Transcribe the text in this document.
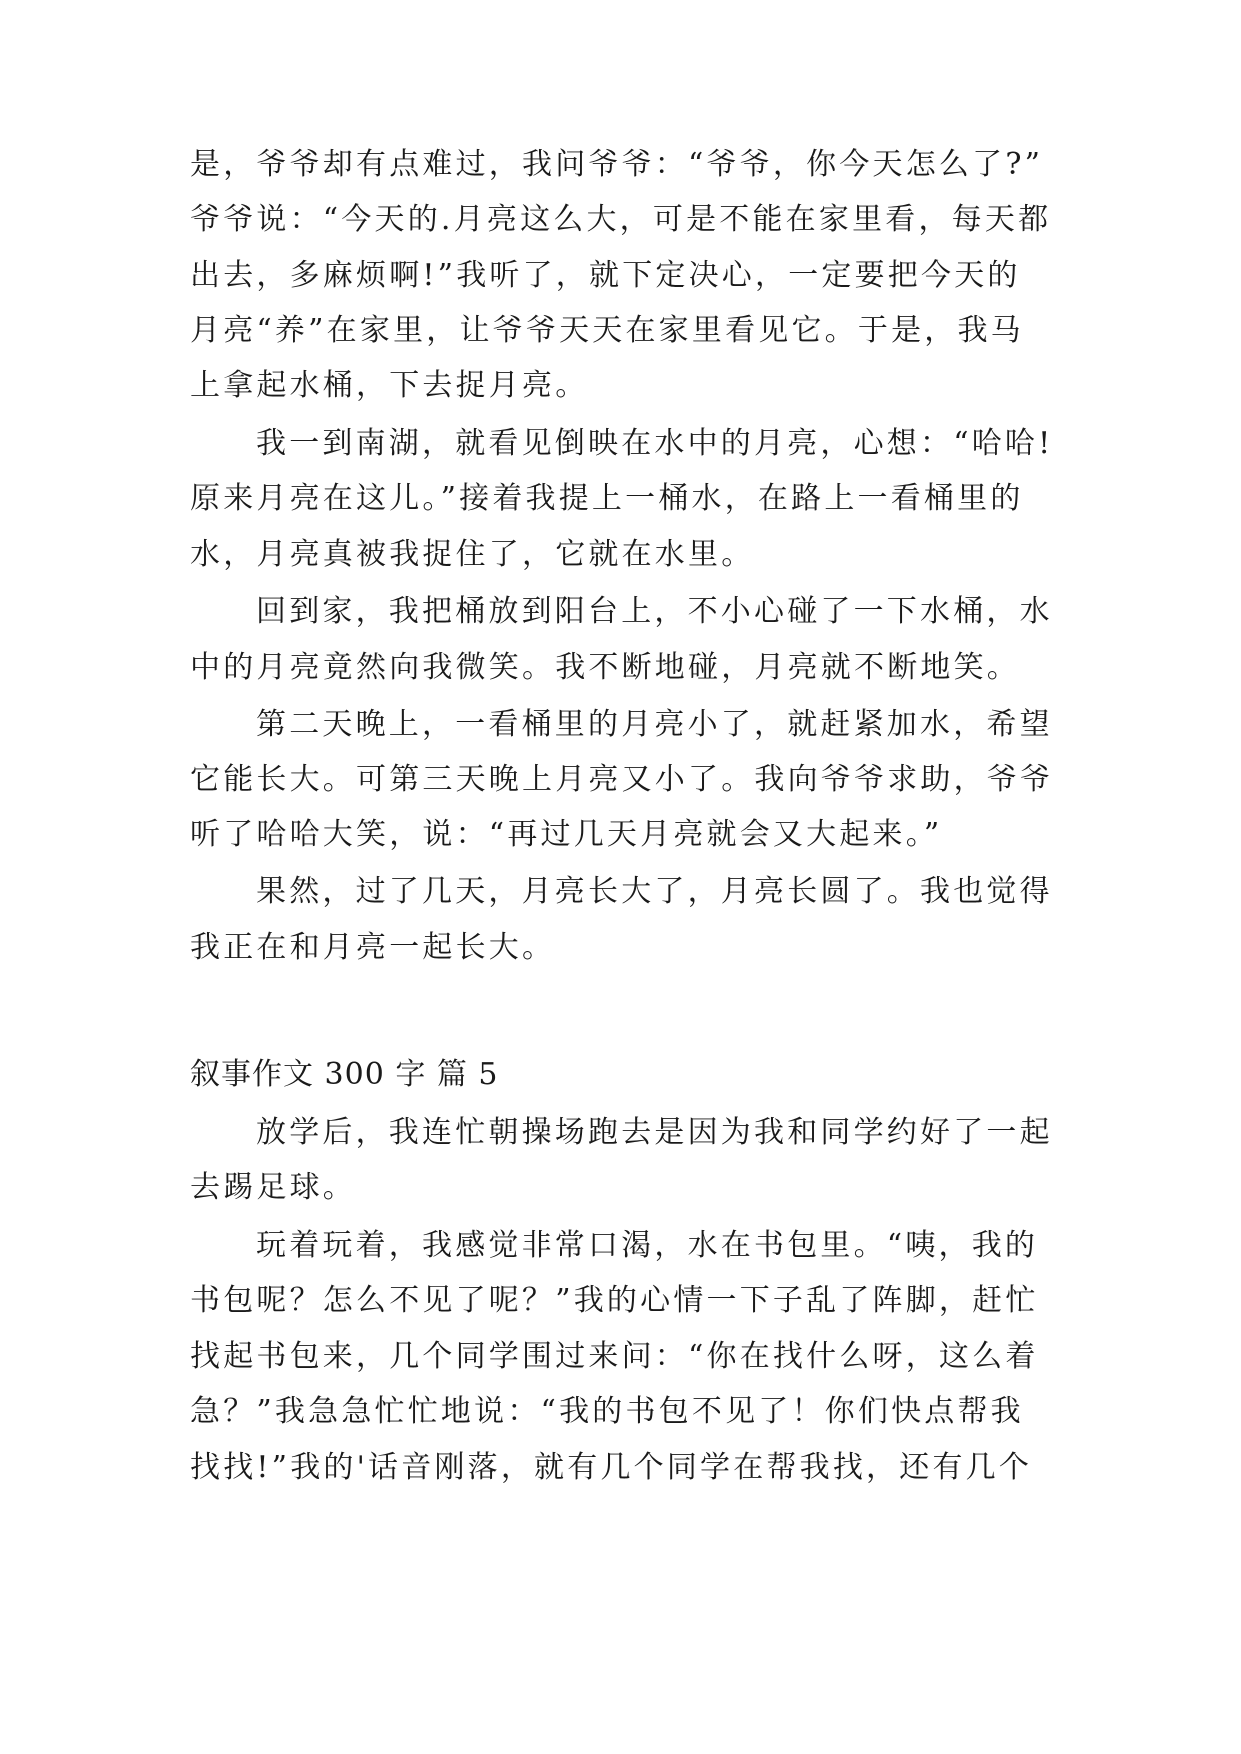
是，爷爷却有点难过，我问爷爷：“爷爷，你今天怎么了?”
爷爷说：“今天的.月亮这么大，可是不能在家里看，每天都
出去，多麻烦啊!”我听了，就下定决心，一定要把今天的
月亮“养”在家里，让爷爷天天在家里看见它。于是，我马
上拿起水桶，下去捉月亮。
我一到南湖，就看见倒映在水中的月亮，心想：“哈哈!
原来月亮在这儿。”接着我提上一桶水，在路上一看桶里的
水，月亮真被我捉住了，它就在水里。
回到家，我把桶放到阳台上，不小心碰了一下水桶，水
中的月亮竟然向我微笑。我不断地碰，月亮就不断地笑。
第二天晚上，一看桶里的月亮小了，就赶紧加水，希望
它能长大。可第三天晚上月亮又小了。我向爷爷求助，爷爷
听了哈哈大笑，说：“再过几天月亮就会又大起来。”
果然，过了几天，月亮长大了，月亮长圆了。我也觉得
我正在和月亮一起长大。
叙事作文 300 字 篇 5
放学后，我连忙朝操场跑去是因为我和同学约好了一起
去踢足球。
玩着玩着，我感觉非常口渴，水在书包里。“咦，我的
书包呢？怎么不见了呢？”我的心情一下子乱了阵脚，赶忙
找起书包来，几个同学围过来问：“你在找什么呀，这么着
急？”我急急忙忙地说：“我的书包不见了！你们快点帮我
找找!”我的'话音刚落，就有几个同学在帮我找，还有几个
